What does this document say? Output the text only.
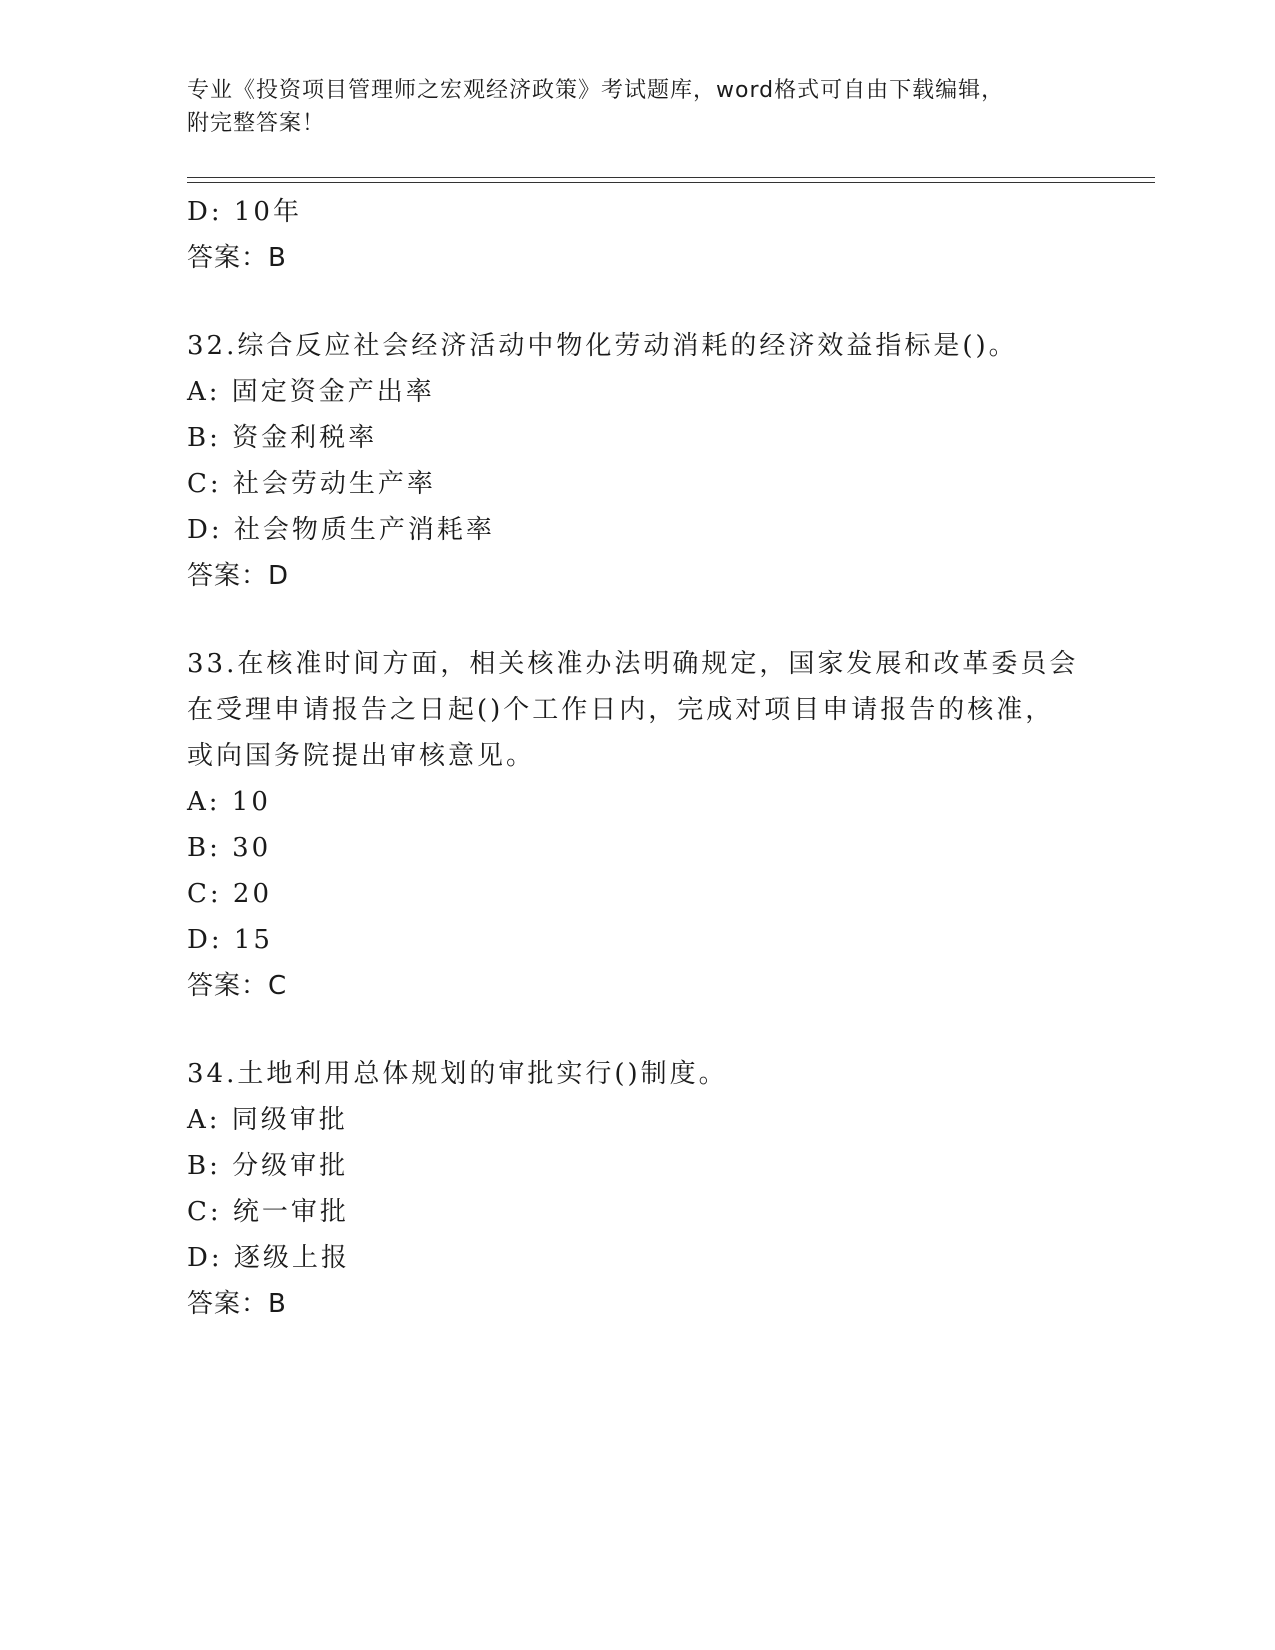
专业《投资项目管理师之宏观经济政策》考试题库，word格式可自由下载编辑，
附完整答案！
D: 10年
答案：B
32.综合反应社会经济活动中物化劳动消耗的经济效益指标是()。
A: 固定资金产出率
B: 资金利税率
C: 社会劳动生产率
D: 社会物质生产消耗率
答案：D
33.在核准时间方面，相关核准办法明确规定，国家发展和改革委员会
在受理申请报告之日起()个工作日内，完成对项目申请报告的核准，
或向国务院提出审核意见。
A: 10
B: 30
C: 20
D: 15
答案：C
34.土地利用总体规划的审批实行()制度。
A: 同级审批
B: 分级审批
C: 统一审批
D: 逐级上报
答案：B
